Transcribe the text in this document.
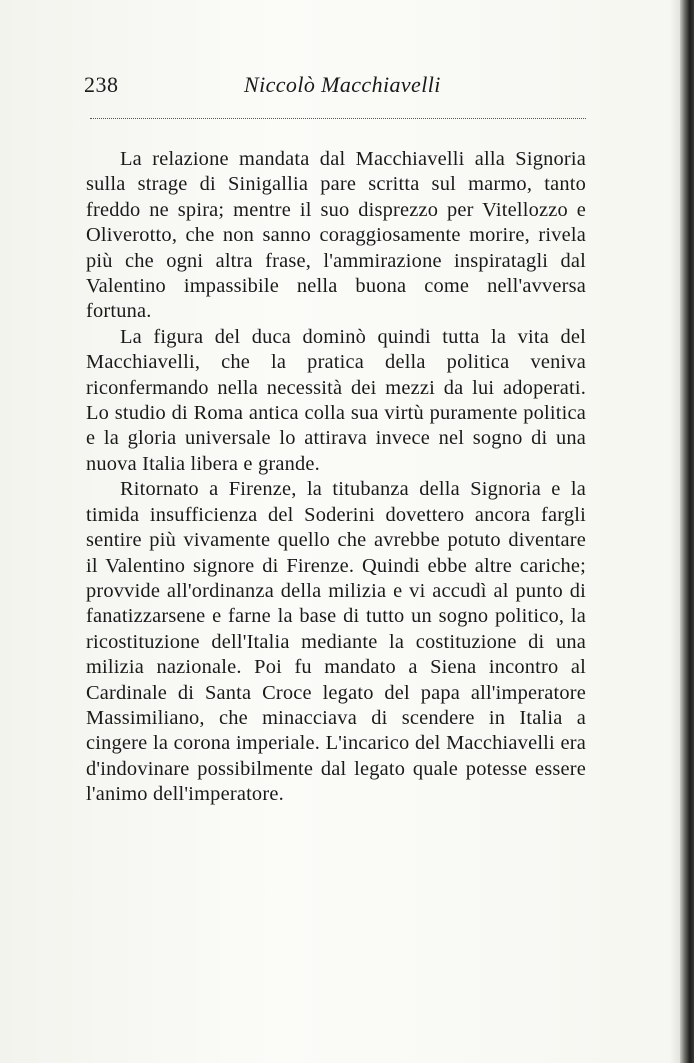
238	Niccolò Macchiavelli

La relazione mandata dal Macchiavelli alla Signoria sulla strage di Sinigallia pare scritta sul marmo, tanto freddo ne spira; mentre il suo disprezzo per Vitellozzo e Oliverotto, che non sanno coraggiosamente morire, rivela più che ogni altra frase, l'ammirazione inspiratagli dal Valentino impassibile nella buona come nell'avversa fortuna.

La figura del duca dominò quindi tutta la vita del Macchiavelli, che la pratica della politica veniva riconfermando nella necessità dei mezzi da lui adoperati. Lo studio di Roma antica colla sua virtù puramente politica e la gloria universale lo attirava invece nel sogno di una nuova Italia libera e grande.

Ritornato a Firenze, la titubanza della Signoria e la timida insufficienza del Soderini dovettero ancora fargli sentire più vivamente quello che avrebbe potuto diventare il Valentino signore di Firenze. Quindi ebbe altre cariche; provvide all'ordinanza della milizia e vi accudì al punto di fanatizzarsene e farne la base di tutto un sogno politico, la ricostituzione dell'Italia mediante la costituzione di una milizia nazionale. Poi fu mandato a Siena incontro al Cardinale di Santa Croce legato del papa all'imperatore Massimiliano, che minacciava di scendere in Italia a cingere la corona imperiale. L'incarico del Macchiavelli era d'indovinare possibilmente dal legato quale potesse essere l'animo dell'imperatore.
